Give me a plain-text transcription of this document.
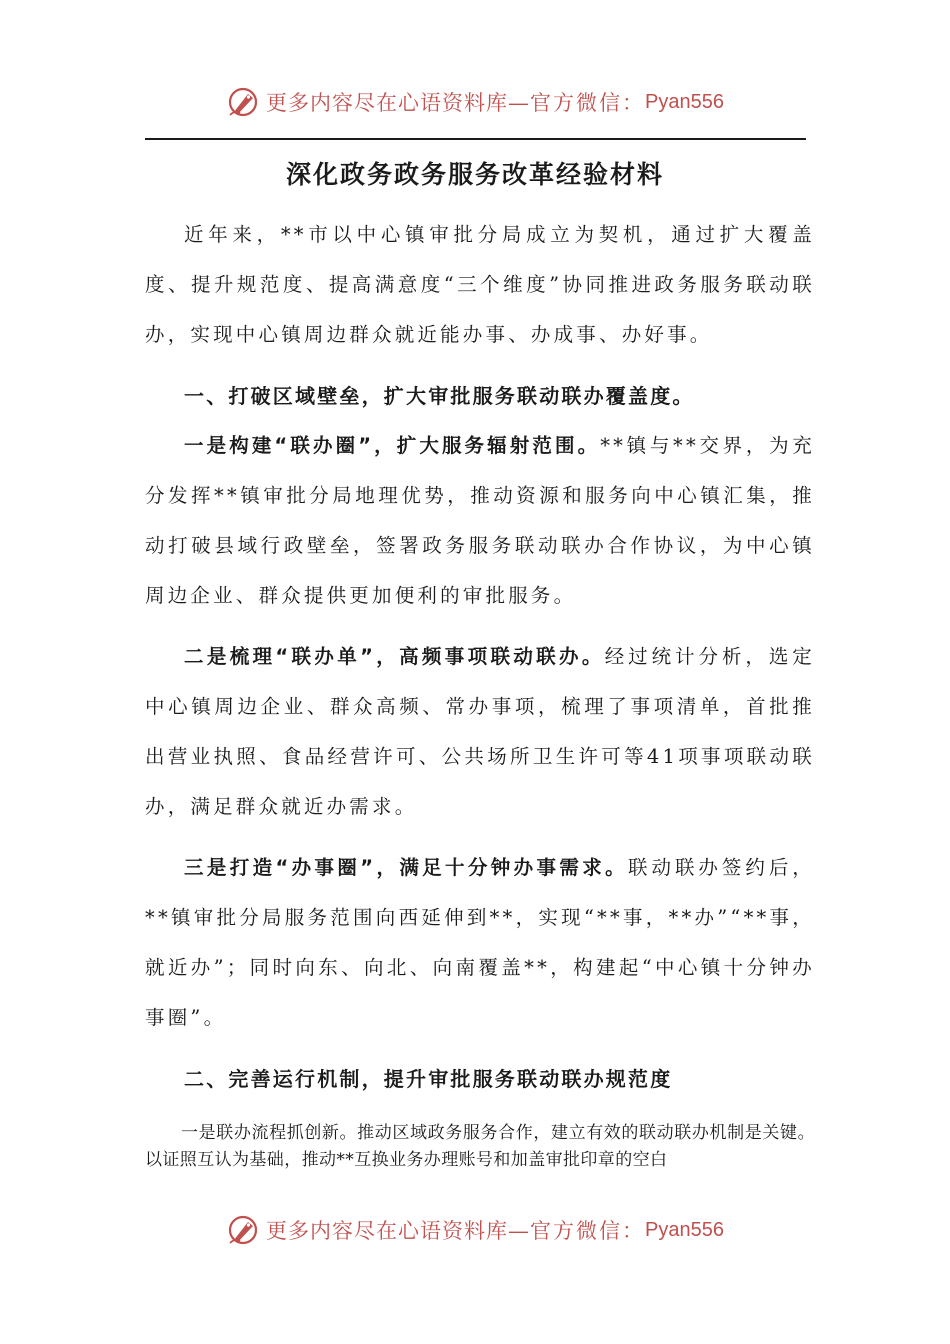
更多内容尽在心语资料库— 官方微信： Pyan556
深化政务政务服务改革经验材料

近年来，**市以中心镇审批分局成立为契机，通过扩大覆盖度、提升规范度、提高满意度“三个维度”协同推进政务服务联动联办，实现中心镇周边群众就近能办事、办成事、办好事。

一、打破区域壁垒，扩大审批服务联动联办覆盖度。

一是构建“联办圈”，扩大服务辐射范围。**镇与**交界，为充分发挥**镇审批分局地理优势，推动资源和服务向中心镇汇集，推动打破县域行政壁垒，签署政务服务联动联办合作协议，为中心镇周边企业、群众提供更加便利的审批服务。

二是梳理“联办单”，高频事项联动联办。经过统计分析，选定中心镇周边企业、群众高频、常办事项，梳理了事项清单，首批推出营业执照、食品经营许可、公共场所卫生许可等41项事项联动联办，满足群众就近办需求。

三是打造“办事圈”，满足十分钟办事需求。联动联办签约后，**镇审批分局服务范围向西延伸到**，实现“**事，**办”“**事，就近办”；同时向东、向北、向南覆盖**，构建起“中心镇十分钟办事圈”。

二、完善运行机制，提升审批服务联动联办规范度

一是联办流程抓创新。推动区域政务服务合作，建立有效的联动联办机制是关键。以证照互认为基础，推动**互换业务办理账号和加盖审批印章的空白

更多内容尽在心语资料库— 官方微信： Pyan556
